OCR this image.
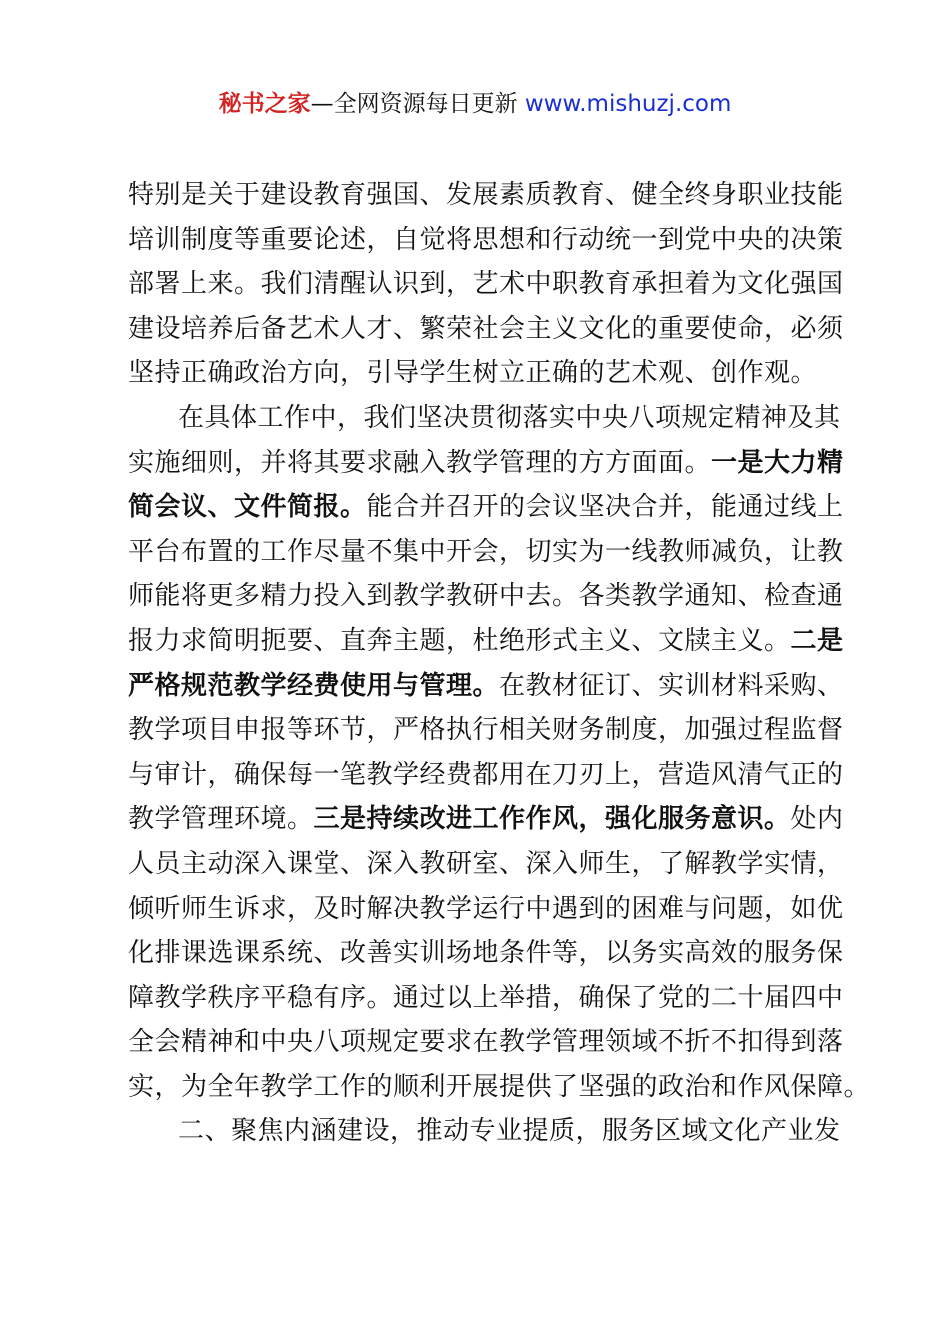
秘书之家—全网资源每日更新 www.mishuzj.com
特别是关于建设教育强国、发展素质教育、健全终身职业技能
培训制度等重要论述，自觉将思想和行动统一到党中央的决策
部署上来。我们清醒认识到，艺术中职教育承担着为文化强国
建设培养后备艺术人才、繁荣社会主义文化的重要使命，必须
坚持正确政治方向，引导学生树立正确的艺术观、创作观。
在具体工作中，我们坚决贯彻落实中央八项规定精神及其
实施细则，并将其要求融入教学管理的方方面面。一是大力精
简会议、文件简报。能合并召开的会议坚决合并，能通过线上
平台布置的工作尽量不集中开会，切实为一线教师减负，让教
师能将更多精力投入到教学教研中去。各类教学通知、检查通
报力求简明扼要、直奔主题，杜绝形式主义、文牍主义。二是
严格规范教学经费使用与管理。在教材征订、实训材料采购、
教学项目申报等环节，严格执行相关财务制度，加强过程监督
与审计，确保每一笔教学经费都用在刀刃上，营造风清气正的
教学管理环境。三是持续改进工作作风，强化服务意识。处内
人员主动深入课堂、深入教研室、深入师生，了解教学实情，
倾听师生诉求，及时解决教学运行中遇到的困难与问题，如优
化排课选课系统、改善实训场地条件等，以务实高效的服务保
障教学秩序平稳有序。通过以上举措，确保了党的二十届四中
全会精神和中央八项规定要求在教学管理领域不折不扣得到落
实，为全年教学工作的顺利开展提供了坚强的政治和作风保障。
二、聚焦内涵建设，推动专业提质，服务区域文化产业发
